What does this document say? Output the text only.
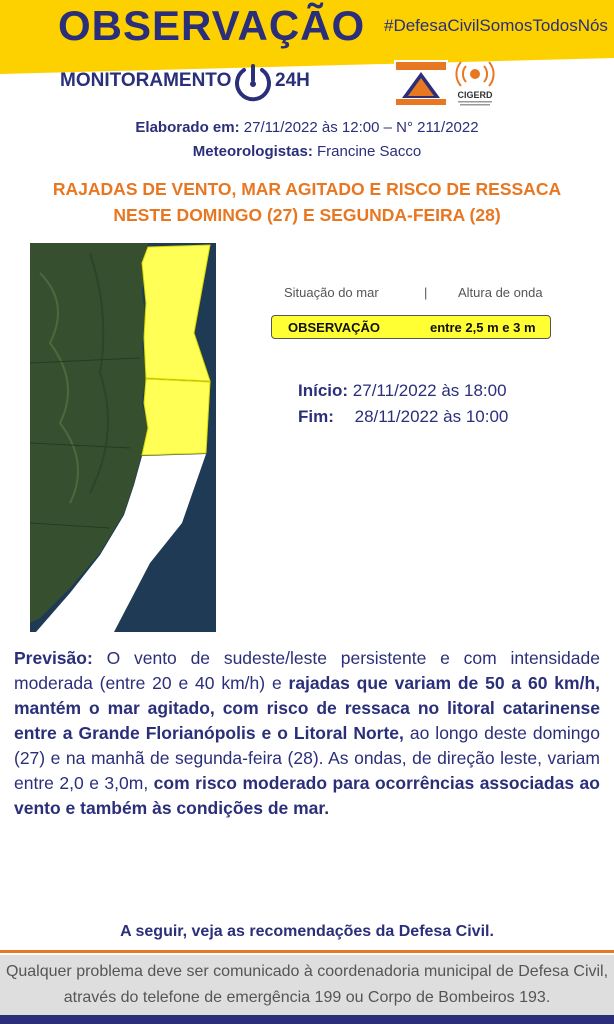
OBSERVAÇÃO #DefesaCivilSomosTodosNós
MONITORAMENTO 24H
CIGERD
Elaborado em: 27/11/2022 às 12:00 – N° 211/2022
Meteorologistas: Francine Sacco
RAJADAS DE VENTO, MAR AGITADO E RISCO DE RESSACA
NESTE DOMINGO (27) E SEGUNDA-FEIRA (28)
Situação do mar	| Altura de onda
OBSERVAÇÃO	entre 2,5 m e 3 m
Início: 27/11/2022 às 18:00
Fim: 28/11/2022 às 10:00
Previsão: O vento de sudeste/leste persistente e com intensidade moderada (entre 20 e 40 km/h) e rajadas que variam de 50 a 60 km/h, mantém o mar agitado, com risco de ressaca no litoral catarinense entre a Grande Florianópolis e o Litoral Norte, ao longo deste domingo (27) e na manhã de segunda-feira (28). As ondas, de direção leste, variam entre 2,0 e 3,0m, com risco moderado para ocorrências associadas ao vento e também às condições de mar.
A seguir, veja as recomendações da Defesa Civil.
Qualquer problema deve ser comunicado à coordenadoria municipal de Defesa Civil,
através do telefone de emergência 199 ou Corpo de Bombeiros 193.
